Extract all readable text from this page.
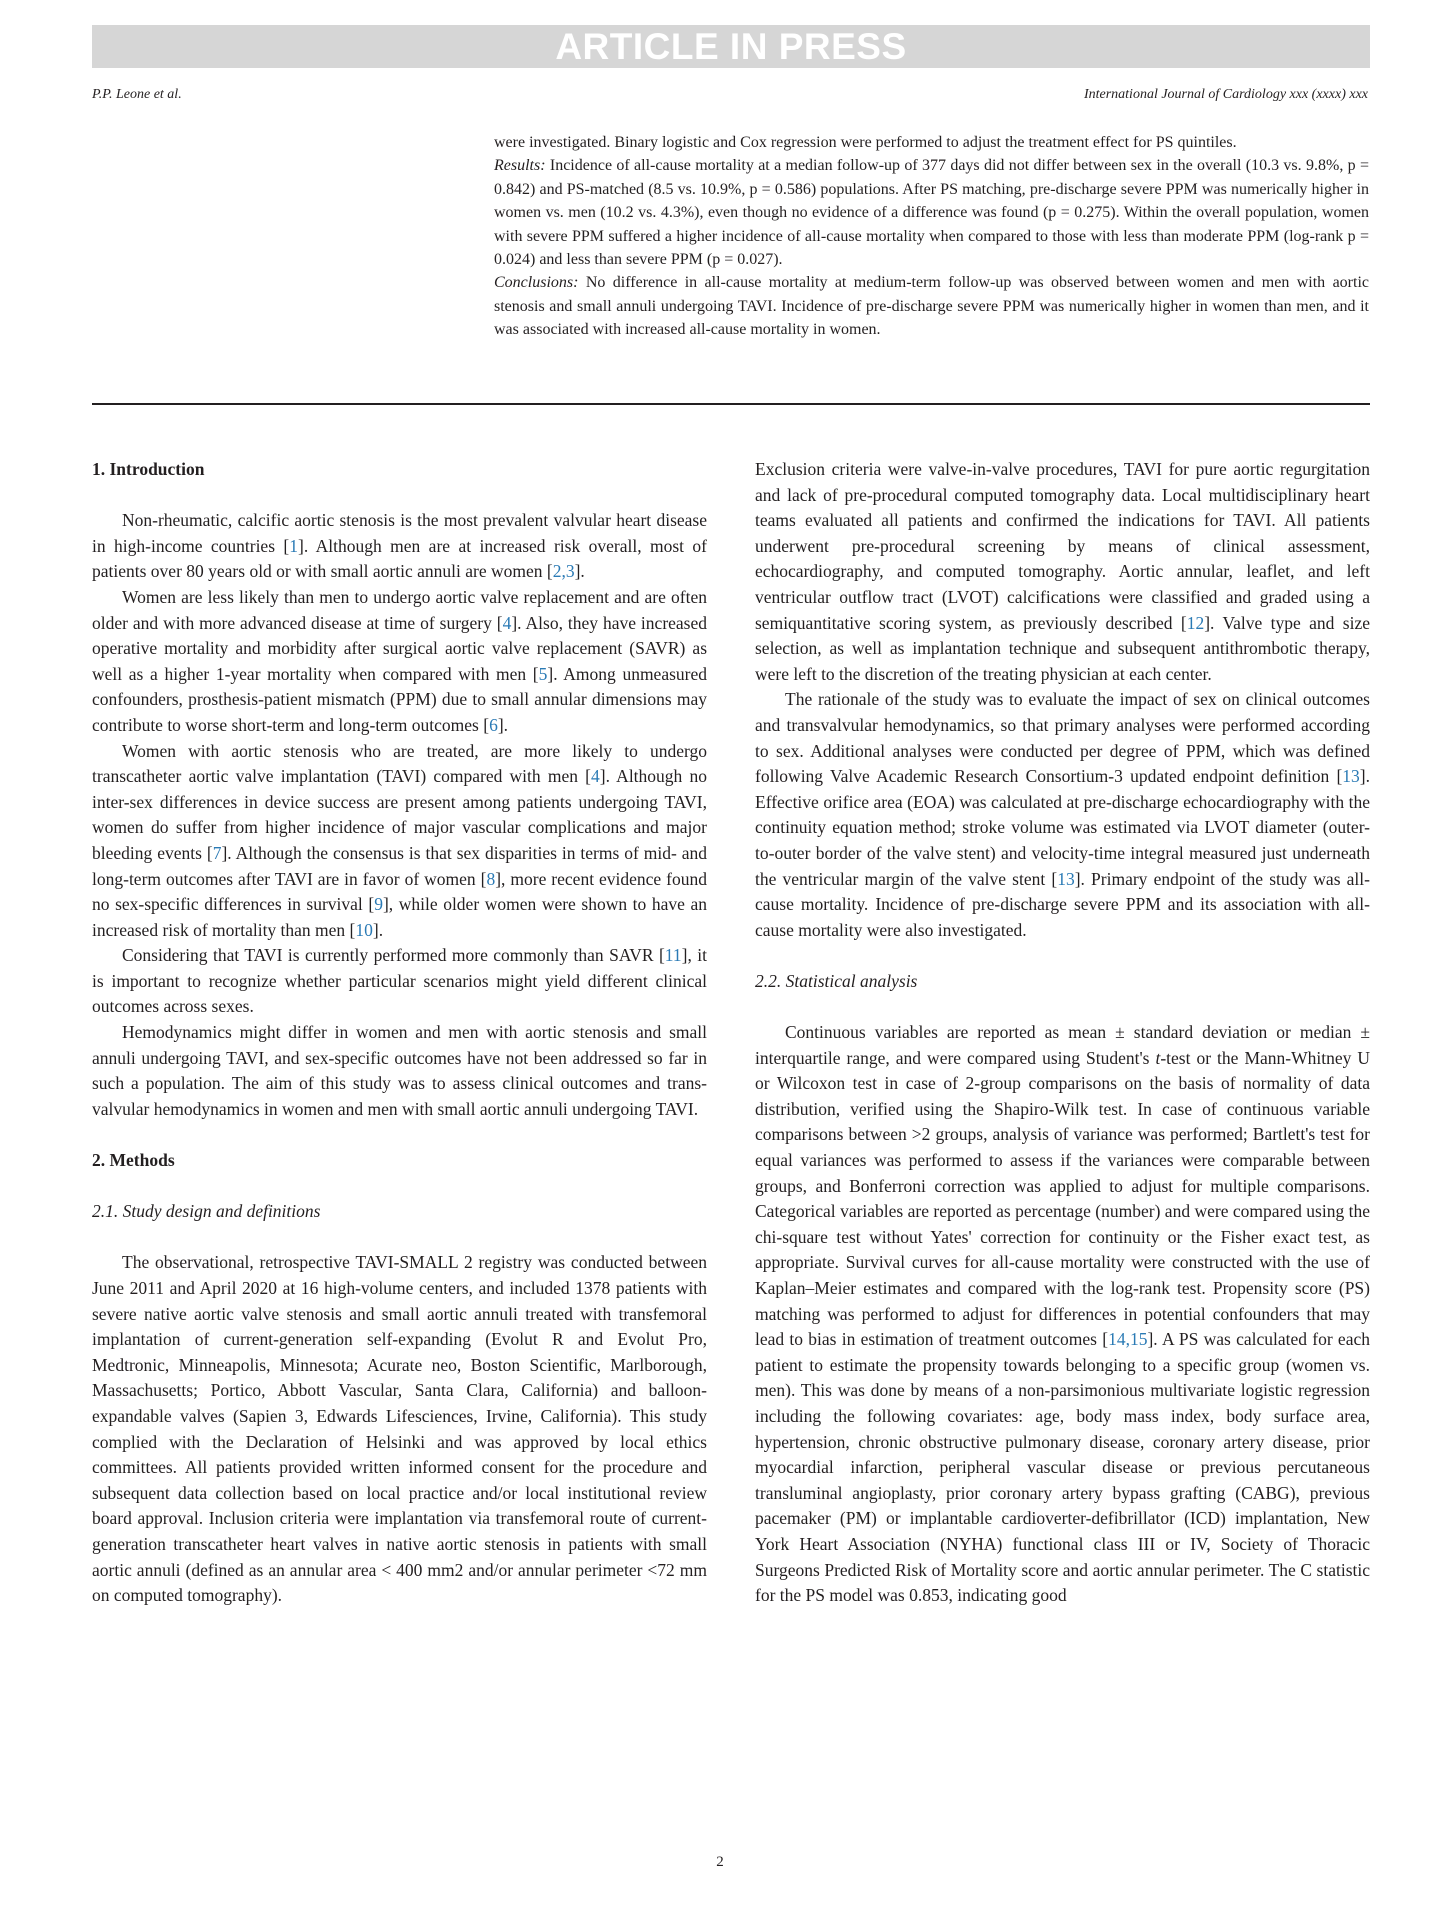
ARTICLE IN PRESS
P.P. Leone et al.	International Journal of Cardiology xxx (xxxx) xxx

were investigated. Binary logistic and Cox regression were performed to adjust the treatment effect for PS quintiles.

Results: Incidence of all-cause mortality at a median follow-up of 377 days did not differ between sex in the overall (10.3 vs. 9.8%, p = 0.842) and PS-matched (8.5 vs. 10.9%, p = 0.586) populations. After PS matching, pre-discharge severe PPM was numerically higher in women vs. men (10.2 vs. 4.3%), even though no evidence of a difference was found (p = 0.275). Within the overall population, women with severe PPM suffered a higher incidence of all-cause mortality when compared to those with less than moderate PPM (log-rank p = 0.024) and less than severe PPM (p = 0.027).

Conclusions: No difference in all-cause mortality at medium-term follow-up was observed between women and men with aortic stenosis and small annuli undergoing TAVI. Incidence of pre-discharge severe PPM was numerically higher in women than men, and it was associated with increased all-cause mortality in women.

1. Introduction

Non-rheumatic, calcific aortic stenosis is the most prevalent valvular heart disease in high-income countries [1]. Although men are at increased risk overall, most of patients over 80 years old or with small aortic annuli are women [2,3].

Women are less likely than men to undergo aortic valve replacement and are often older and with more advanced disease at time of surgery [4]. Also, they have increased operative mortality and morbidity after surgical aortic valve replacement (SAVR) as well as a higher 1-year mortality when compared with men [5]. Among unmeasured confounders, prosthesis-patient mismatch (PPM) due to small annular dimensions may contribute to worse short-term and long-term outcomes [6].

Women with aortic stenosis who are treated, are more likely to undergo transcatheter aortic valve implantation (TAVI) compared with men [4]. Although no inter-sex differences in device success are present among patients undergoing TAVI, women do suffer from higher incidence of major vascular complications and major bleeding events [7]. Although the consensus is that sex disparities in terms of mid- and long-term outcomes after TAVI are in favor of women [8], more recent evidence found no sex-specific differences in survival [9], while older women were shown to have an increased risk of mortality than men [10].

Considering that TAVI is currently performed more commonly than SAVR [11], it is important to recognize whether particular scenarios might yield different clinical outcomes across sexes.

Hemodynamics might differ in women and men with aortic stenosis and small annuli undergoing TAVI, and sex-specific outcomes have not been addressed so far in such a population. The aim of this study was to assess clinical outcomes and trans-valvular hemodynamics in women and men with small aortic annuli undergoing TAVI.

2. Methods
2.1. Study design and definitions

The observational, retrospective TAVI-SMALL 2 registry was conducted between June 2011 and April 2020 at 16 high-volume centers, and included 1378 patients with severe native aortic valve stenosis and small aortic annuli treated with transfemoral implantation of current-generation self-expanding (Evolut R and Evolut Pro, Medtronic, Minneapolis, Minnesota; Acurate neo, Boston Scientific, Marlborough, Massachusetts; Portico, Abbott Vascular, Santa Clara, California) and balloon-expandable valves (Sapien 3, Edwards Lifesciences, Irvine, California). This study complied with the Declaration of Helsinki and was approved by local ethics committees. All patients provided written informed consent for the procedure and subsequent data collection based on local practice and/or local institutional review board approval. Inclusion criteria were implantation via transfemoral route of current-generation transcatheter heart valves in native aortic stenosis in patients with small aortic annuli (defined as an annular area < 400 mm2 and/or annular perimeter <72 mm on computed tomography).

Exclusion criteria were valve-in-valve procedures, TAVI for pure aortic regurgitation and lack of pre-procedural computed tomography data. Local multidisciplinary heart teams evaluated all patients and confirmed the indications for TAVI. All patients underwent pre-procedural screening by means of clinical assessment, echocardiography, and computed tomography. Aortic annular, leaflet, and left ventricular outflow tract (LVOT) calcifications were classified and graded using a semiquantitative scoring system, as previously described [12]. Valve type and size selection, as well as implantation technique and subsequent antithrombotic therapy, were left to the discretion of the treating physician at each center.

The rationale of the study was to evaluate the impact of sex on clinical outcomes and transvalvular hemodynamics, so that primary analyses were performed according to sex. Additional analyses were conducted per degree of PPM, which was defined following Valve Academic Research Consortium-3 updated endpoint definition [13]. Effective orifice area (EOA) was calculated at pre-discharge echocardiography with the continuity equation method; stroke volume was estimated via LVOT diameter (outer-to-outer border of the valve stent) and velocity-time integral measured just underneath the ventricular margin of the valve stent [13]. Primary endpoint of the study was all-cause mortality. Incidence of pre-discharge severe PPM and its association with all-cause mortality were also investigated.

2.2. Statistical analysis

Continuous variables are reported as mean ± standard deviation or median ± interquartile range, and were compared using Student's t-test or the Mann-Whitney U or Wilcoxon test in case of 2-group comparisons on the basis of normality of data distribution, verified using the Shapiro-Wilk test. In case of continuous variable comparisons between >2 groups, analysis of variance was performed; Bartlett's test for equal variances was performed to assess if the variances were comparable between groups, and Bonferroni correction was applied to adjust for multiple comparisons. Categorical variables are reported as percentage (number) and were compared using the chi-square test without Yates' correction for continuity or the Fisher exact test, as appropriate. Survival curves for all-cause mortality were constructed with the use of Kaplan–Meier estimates and compared with the log-rank test. Propensity score (PS) matching was performed to adjust for differences in potential confounders that may lead to bias in estimation of treatment outcomes [14,15]. A PS was calculated for each patient to estimate the propensity towards belonging to a specific group (women vs. men). This was done by means of a non-parsimonious multivariate logistic regression including the following covariates: age, body mass index, body surface area, hypertension, chronic obstructive pulmonary disease, coronary artery disease, prior myocardial infarction, peripheral vascular disease or previous percutaneous transluminal angioplasty, prior coronary artery bypass grafting (CABG), previous pacemaker (PM) or implantable cardioverter-defibrillator (ICD) implantation, New York Heart Association (NYHA) functional class III or IV, Society of Thoracic Surgeons Predicted Risk of Mortality score and aortic annular perimeter. The C statistic for the PS model was 0.853, indicating good

2
